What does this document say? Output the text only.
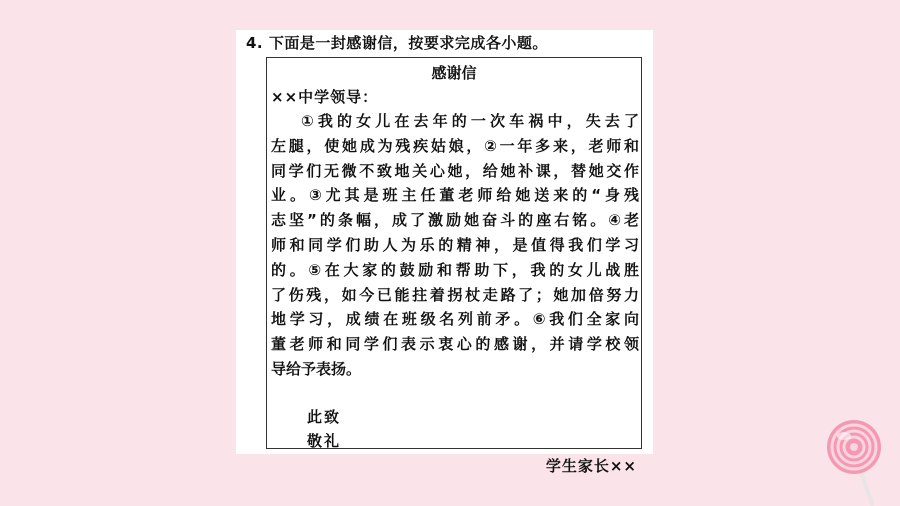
4. 下面是一封感谢信，按要求完成各小题。
感谢信
××中学领导：
①我的女儿在去年的一次车祸中，失去了
左腿，使她成为残疾姑娘，②一年多来，老师和
同学们无微不致地关心她，给她补课，替她交作
业。③尤其是班主任董老师给她送来的“身残
志坚”的条幅，成了激励她奋斗的座右铭。④老
师和同学们助人为乐的精神，是值得我们学习
的。⑤在大家的鼓励和帮助下，我的女儿战胜
了伤残，如今已能拄着拐杖走路了；她加倍努力
地学习，成绩在班级名列前矛。⑥我们全家向
董老师和同学们表示衷心的感谢，并请学校领
导给予表扬。
此致
敬礼
学生家长××
